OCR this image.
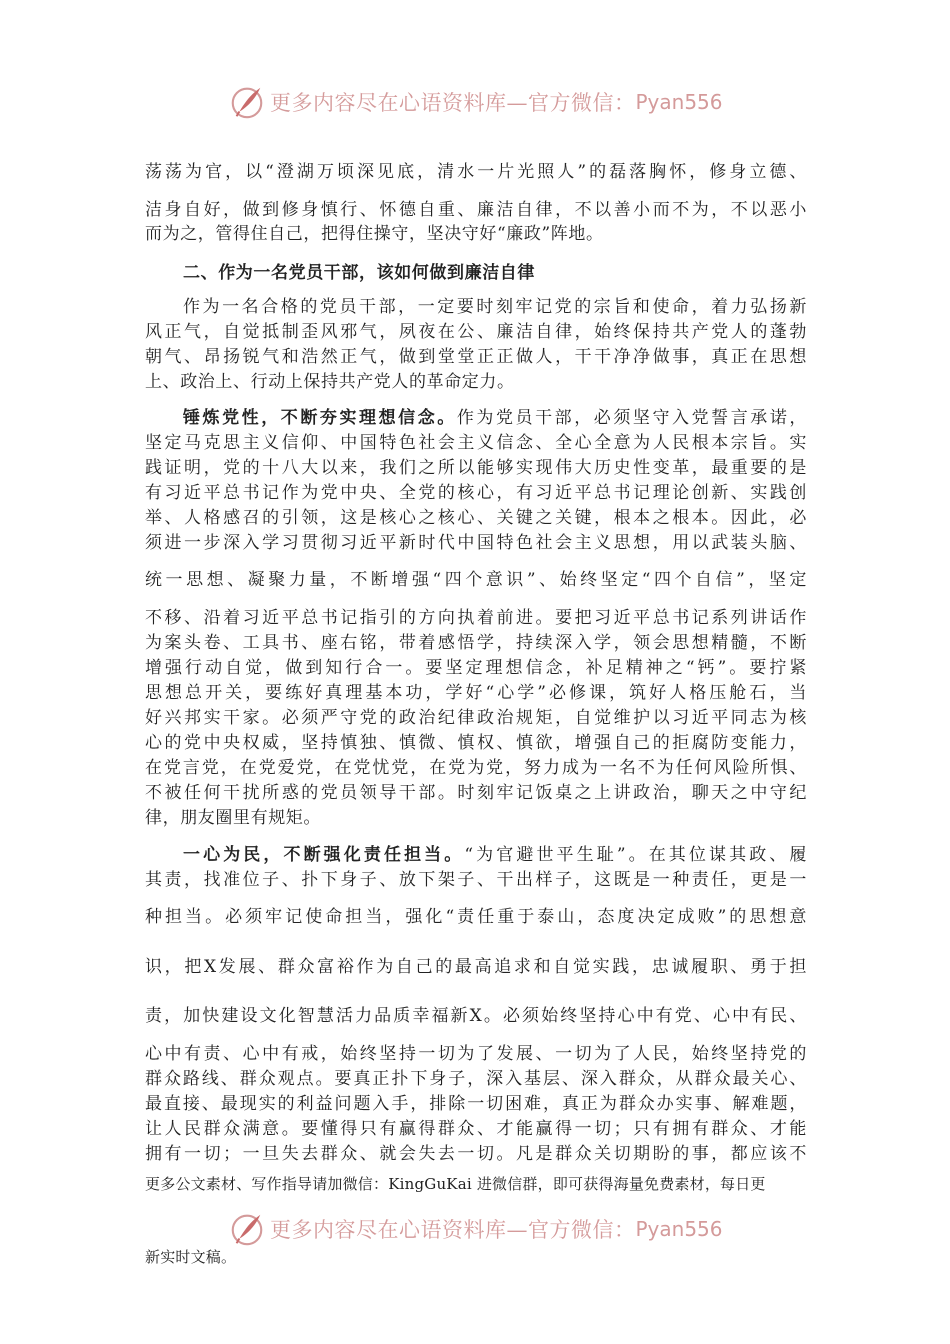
更多内容尽在心语资料库—官方微信： Pyan556
荡荡为官，以“澄湖万顷深见底，清水一片光照人”的磊落胸怀，修身立德、
洁身自好，做到修身慎行、怀德自重、廉洁自律，不以善小而不为，不以恶小
而为之，管得住自己，把得住操守，坚决守好“廉政”阵地。
二、作为一名党员干部，该如何做到廉洁自律
作为一名合格的党员干部，一定要时刻牢记党的宗旨和使命，着力弘扬新
风正气，自觉抵制歪风邪气，夙夜在公、廉洁自律，始终保持共产党人的蓬勃
朝气、昂扬锐气和浩然正气，做到堂堂正正做人，干干净净做事，真正在思想
上、政治上、行动上保持共产党人的革命定力。
锤炼党性，不断夯实理想信念。作为党员干部，必须坚守入党誓言承诺，
坚定马克思主义信仰、中国特色社会主义信念、全心全意为人民根本宗旨。实
践证明，党的十八大以来，我们之所以能够实现伟大历史性变革，最重要的是
有习近平总书记作为党中央、全党的核心，有习近平总书记理论创新、实践创
举、人格感召的引领，这是核心之核心、关键之关键，根本之根本。因此，必
须进一步深入学习贯彻习近平新时代中国特色社会主义思想，用以武装头脑、
统一思想、凝聚力量，不断增强“四个意识”、始终坚定“四个自信”，坚定
不移、沿着习近平总书记指引的方向执着前进。要把习近平总书记系列讲话作
为案头卷、工具书、座右铭，带着感悟学，持续深入学，领会思想精髓，不断
增强行动自觉，做到知行合一。要坚定理想信念，补足精神之“钙”。要拧紧
思想总开关，要练好真理基本功，学好“心学”必修课，筑好人格压舱石，当
好兴邦实干家。必须严守党的政治纪律政治规矩，自觉维护以习近平同志为核
心的党中央权威，坚持慎独、慎微、慎权、慎欲，增强自己的拒腐防变能力，
在党言党，在党爱党，在党忧党，在党为党，努力成为一名不为任何风险所惧、
不被任何干扰所惑的党员领导干部。时刻牢记饭桌之上讲政治，聊天之中守纪
律，朋友圈里有规矩。
一心为民，不断强化责任担当。“为官避世平生耻”。在其位谋其政、履
其责，找准位子、扑下身子、放下架子、干出样子，这既是一种责任，更是一
种担当。必须牢记使命担当，强化“责任重于泰山，态度决定成败”的思想意
识，把X发展、群众富裕作为自己的最高追求和自觉实践，忠诚履职、勇于担
责，加快建设文化智慧活力品质幸福新X。必须始终坚持心中有党、心中有民、
心中有责、心中有戒，始终坚持一切为了发展、一切为了人民，始终坚持党的
群众路线、群众观点。要真正扑下身子，深入基层、深入群众，从群众最关心、
最直接、最现实的利益问题入手，排除一切困难，真正为群众办实事、解难题，
让人民群众满意。要懂得只有赢得群众、才能赢得一切；只有拥有群众、才能
拥有一切；一旦失去群众、就会失去一切。凡是群众关切期盼的事，都应该不
更多公文素材、写作指导请加微信：KingGuKai 进微信群，即可获得海量免费素材，每日更
更多内容尽在心语资料库—官方微信： Pyan556
新实时文稿。
